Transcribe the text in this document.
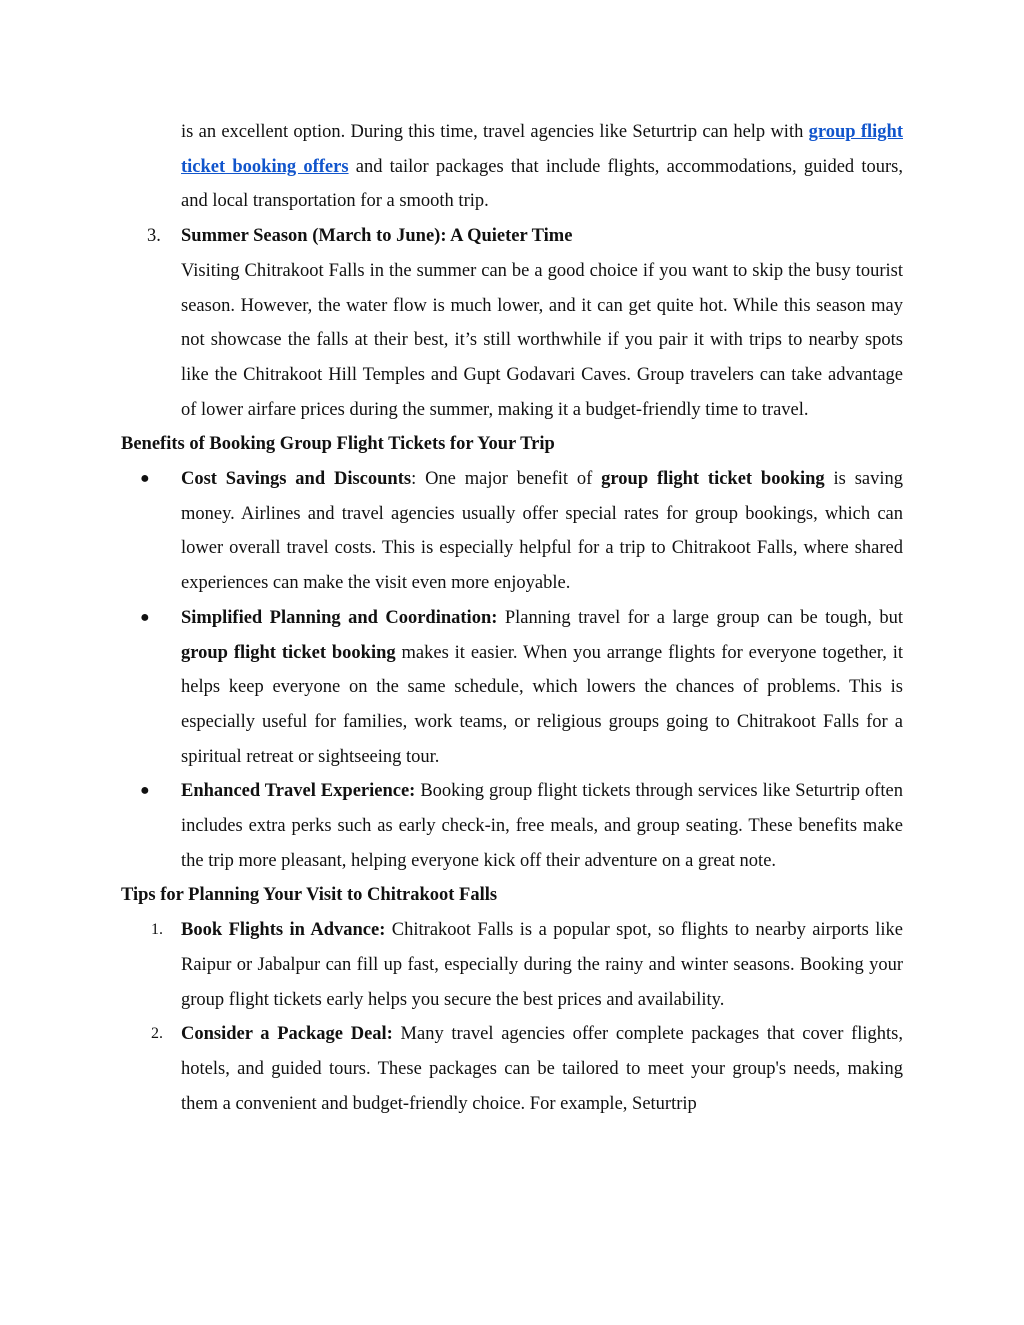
is an excellent option. During this time, travel agencies like Seturtrip can help with group flight ticket booking offers and tailor packages that include flights, accommodations, guided tours, and local transportation for a smooth trip.

3. Summer Season (March to June): A Quieter Time

Visiting Chitrakoot Falls in the summer can be a good choice if you want to skip the busy tourist season. However, the water flow is much lower, and it can get quite hot. While this season may not showcase the falls at their best, it’s still worthwhile if you pair it with trips to nearby spots like the Chitrakoot Hill Temples and Gupt Godavari Caves. Group travelers can take advantage of lower airfare prices during the summer, making it a budget-friendly time to travel.

Benefits of Booking Group Flight Tickets for Your Trip

● Cost Savings and Discounts: One major benefit of group flight ticket booking is saving money. Airlines and travel agencies usually offer special rates for group bookings, which can lower overall travel costs. This is especially helpful for a trip to Chitrakoot Falls, where shared experiences can make the visit even more enjoyable.

● Simplified Planning and Coordination: Planning travel for a large group can be tough, but group flight ticket booking makes it easier. When you arrange flights for everyone together, it helps keep everyone on the same schedule, which lowers the chances of problems. This is especially useful for families, work teams, or religious groups going to Chitrakoot Falls for a spiritual retreat or sightseeing tour.

● Enhanced Travel Experience: Booking group flight tickets through services like Seturtrip often includes extra perks such as early check-in, free meals, and group seating. These benefits make the trip more pleasant, helping everyone kick off their adventure on a great note.

Tips for Planning Your Visit to Chitrakoot Falls

1. Book Flights in Advance: Chitrakoot Falls is a popular spot, so flights to nearby airports like Raipur or Jabalpur can fill up fast, especially during the rainy and winter seasons. Booking your group flight tickets early helps you secure the best prices and availability.

2. Consider a Package Deal: Many travel agencies offer complete packages that cover flights, hotels, and guided tours. These packages can be tailored to meet your group's needs, making them a convenient and budget-friendly choice. For example, Seturtrip
